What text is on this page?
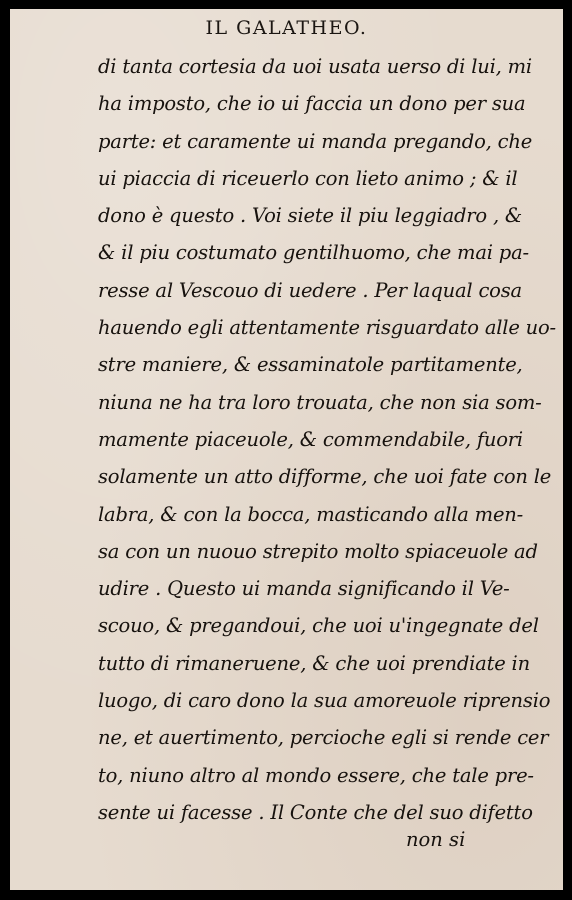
IL GALATHEO.
di tanta cortesia da uoi usata uerso di lui, mi
ha imposto, che io ui faccia un dono per sua
parte: et caramente ui manda pregando, che
ui piaccia di riceuerlo con lieto animo ; & il
dono è questo . Voi siete il piu leggiadro , &
& il piu costumato gentilhuomo, che mai pa-
resse al Vescouo di uedere . Per laqual cosa
hauendo egli attentamente risguardato alle uo-
stre maniere, & essaminatole partitamente,
niuna ne ha tra loro trouata, che non sia som-
mamente piaceuole, & commendabile, fuori
solamente un atto difforme, che uoi fate con le
labra, & con la bocca, masticando alla men-
sa con un nuouo strepito molto spiaceuole ad
udire . Questo ui manda significando il Ve-
scouo, & pregandoui, che uoi u'ingegnate del
tutto di rimaneruene, & che uoi prendiate in
luogo, di caro dono la sua amoreuole riprensio
ne, et auertimento, percioche egli si rende cer
to, niuno altro al mondo essere, che tale pre-
sente ui facesse . Il Conte che del suo difetto
non si
